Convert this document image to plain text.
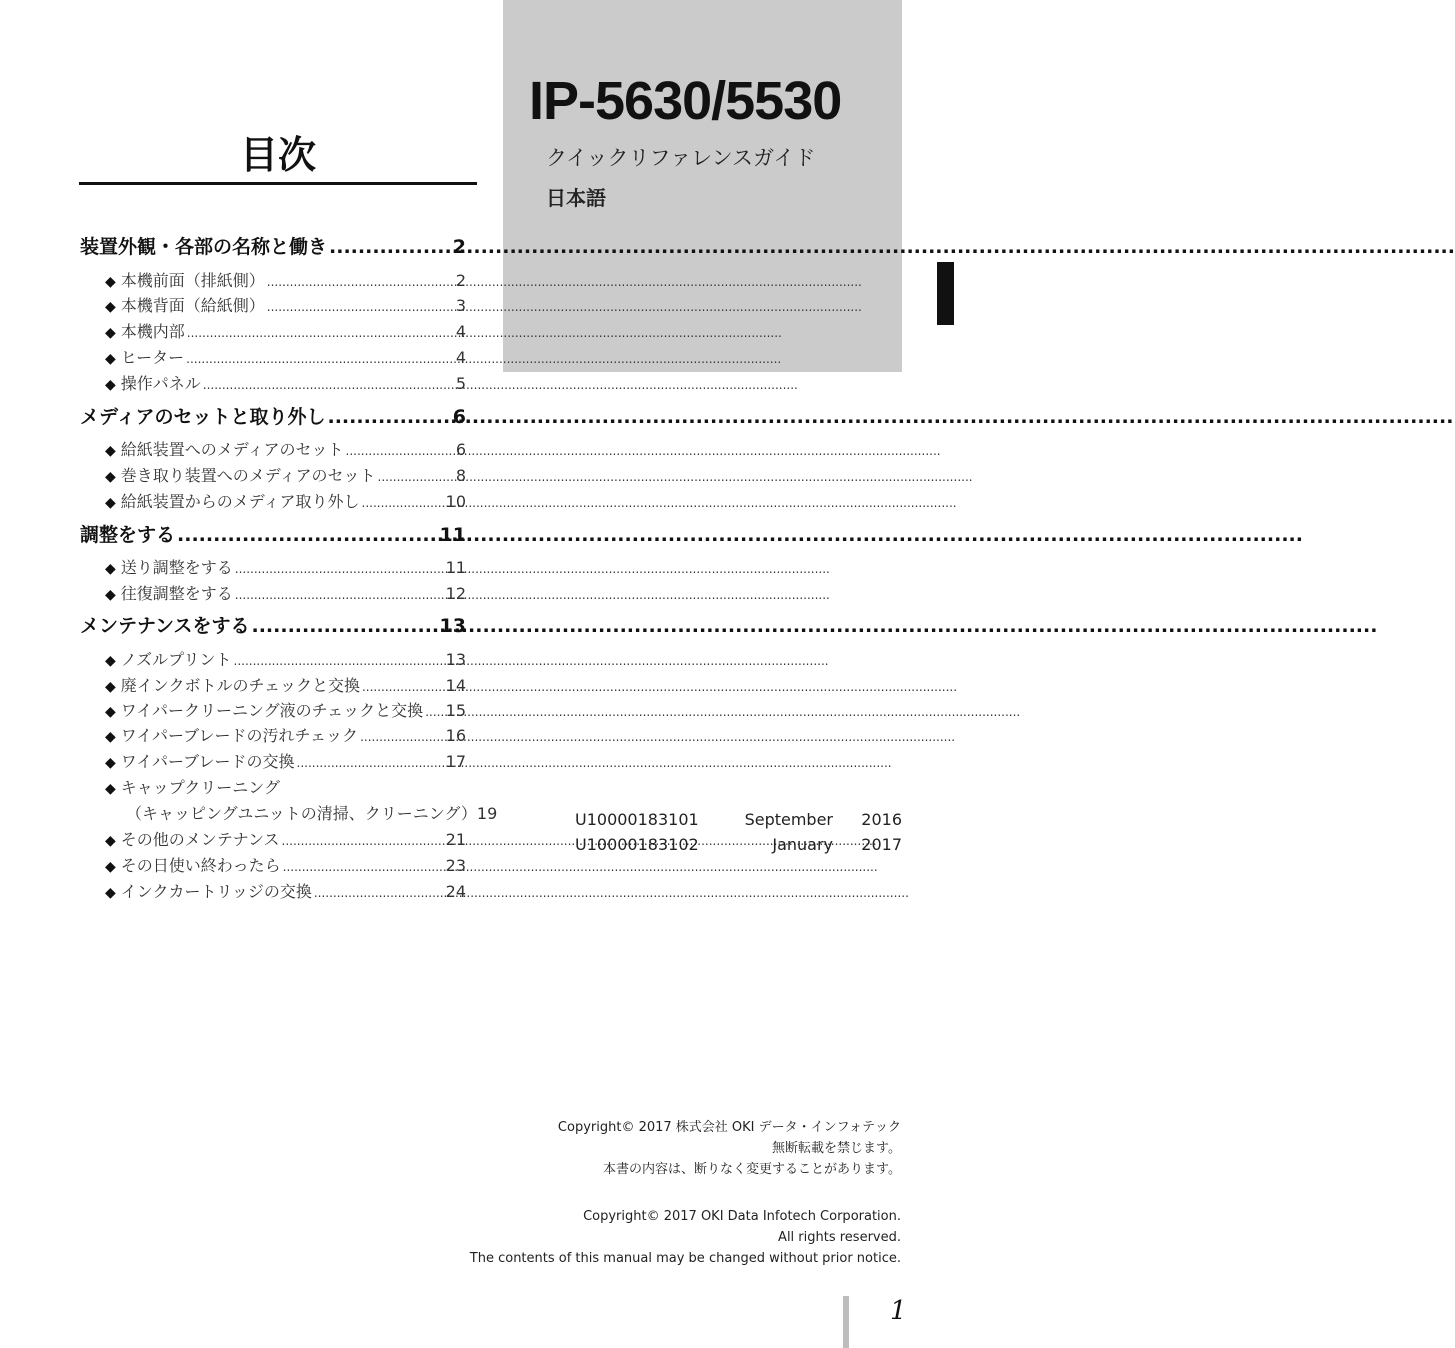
IP-5630/5530
クイックリファレンスガイド
日本語
目次
装置外観・各部の名称と働き .....	2
◆ 本機前面（排紙側） .....	2
◆ 本機背面（給紙側） .....	3
◆ 本機内部 .....	4
◆ ヒーター .....	4
◆ 操作パネル .....	5
メディアのセットと取り外し .....	6
◆ 給紙装置へのメディアのセット .....	6
◆ 巻き取り装置へのメディアのセット .....	8
◆ 給紙装置からのメディア取り外し .....	10
調整をする .....	11
◆ 送り調整をする .....	11
◆ 往復調整をする .....	12
メンテナンスをする .....	13
◆ ノズルプリント .....	13
◆ 廃インクボトルのチェックと交換 .....	14
◆ ワイパークリーニング液のチェックと交換 ..... 15
◆ ワイパーブレードの汚れチェック .....	16
◆ ワイパーブレードの交換 .....	17
◆ キャップクリーニング
（キャッピングユニットの清掃、クリーニング） 19
◆ その他のメンテナンス .....	21
◆ その日使い終わったら .....	23
◆ インクカートリッジの交換 .....	24
U10000183101	September 2016
U10000183102	January 2017
Copyright© 2017 株式会社 OKI データ・インフォテック
無断転載を禁じます。
本書の内容は、断りなく変更することがあります。
Copyright© 2017 OKI Data Infotech Corporation.
All rights reserved.
The contents of this manual may be changed without prior notice.
1
